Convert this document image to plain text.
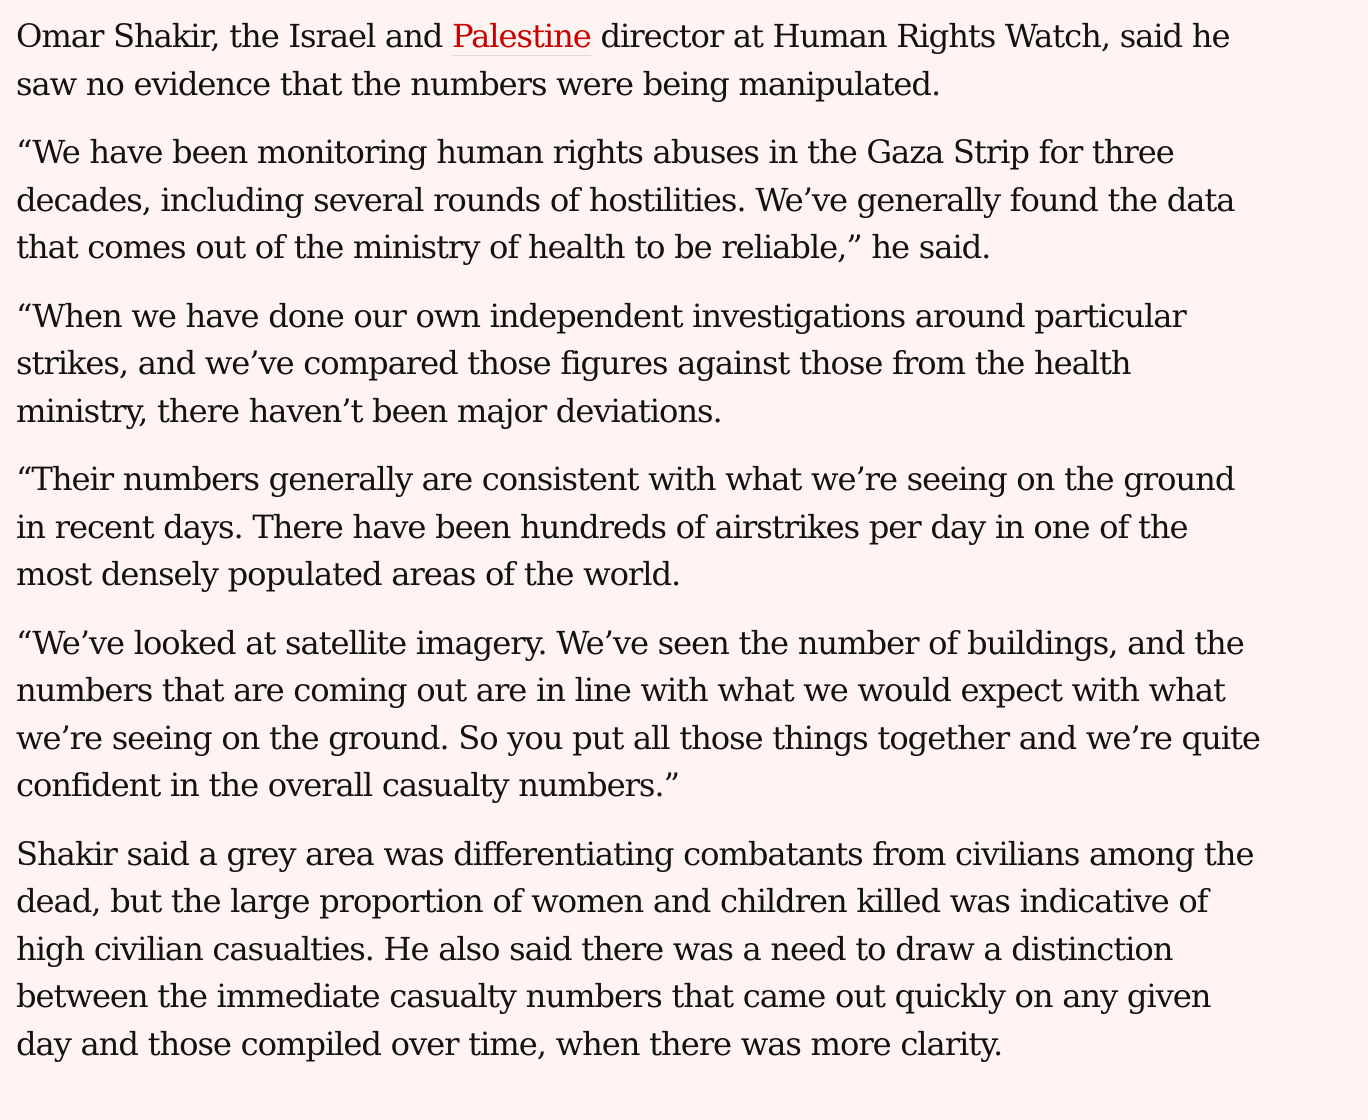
Omar Shakir, the Israel and Palestine director at Human Rights Watch, said he saw no evidence that the numbers were being manipulated.

“We have been monitoring human rights abuses in the Gaza Strip for three decades, including several rounds of hostilities. We’ve generally found the data that comes out of the ministry of health to be reliable,” he said.

“When we have done our own independent investigations around particular strikes, and we’ve compared those figures against those from the health ministry, there haven’t been major deviations.

“Their numbers generally are consistent with what we’re seeing on the ground in recent days. There have been hundreds of airstrikes per day in one of the most densely populated areas of the world.

“We’ve looked at satellite imagery. We’ve seen the number of buildings, and the numbers that are coming out are in line with what we would expect with what we’re seeing on the ground. So you put all those things together and we’re quite confident in the overall casualty numbers.”

Shakir said a grey area was differentiating combatants from civilians among the dead, but the large proportion of women and children killed was indicative of high civilian casualties. He also said there was a need to draw a distinction between the immediate casualty numbers that came out quickly on any given day and those compiled over time, when there was more clarity.
